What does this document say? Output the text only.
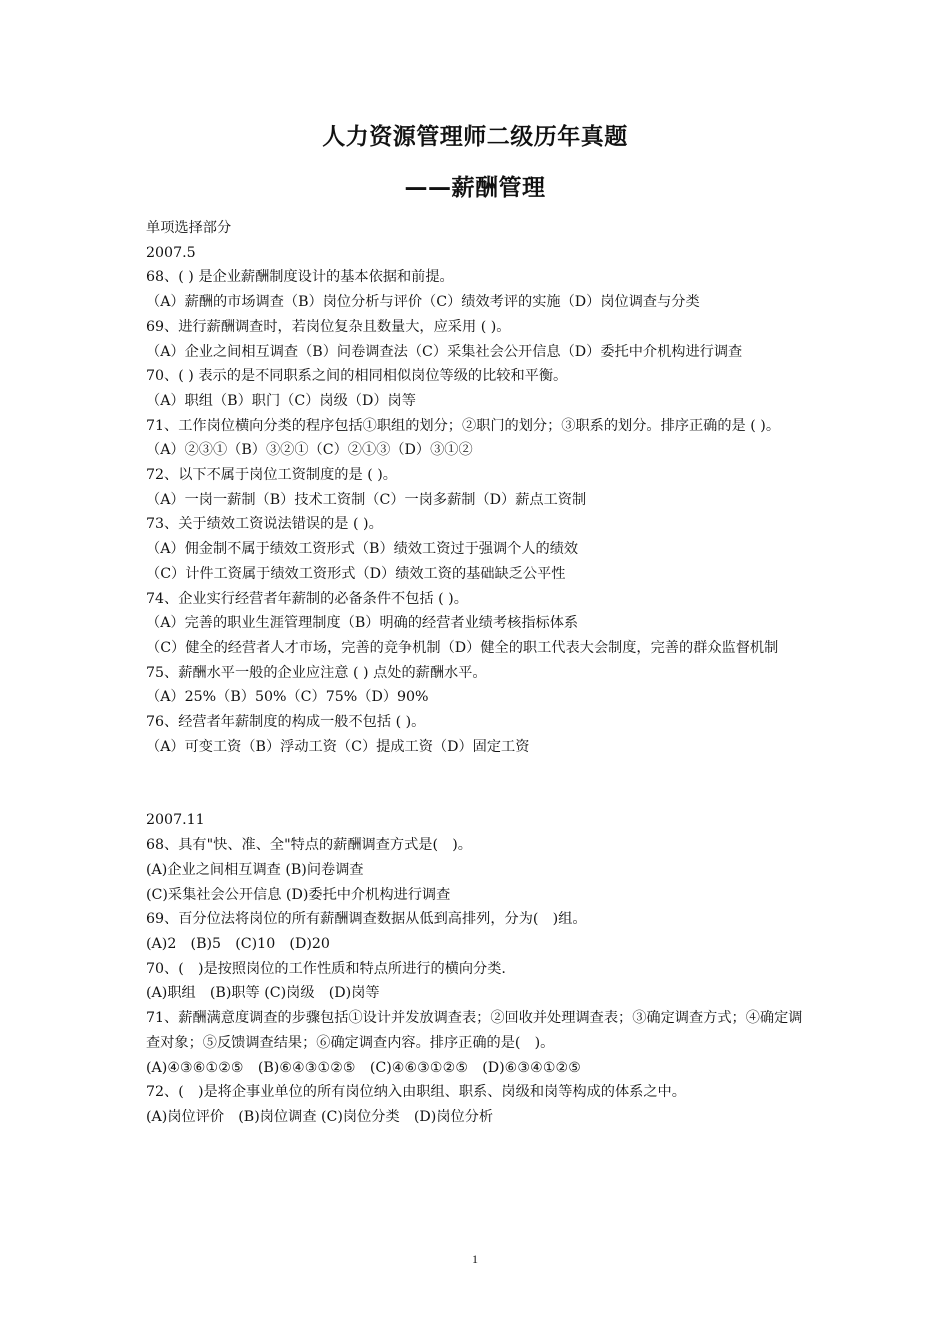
人力资源管理师二级历年真题
——薪酬管理
单项选择部分
2007.5
68、( ) 是企业薪酬制度设计的基本依据和前提。
（A）薪酬的市场调查（B）岗位分析与评价（C）绩效考评的实施（D）岗位调查与分类
69、进行薪酬调查时，若岗位复杂且数量大，应采用 ( )。
（A）企业之间相互调查（B）问卷调查法（C）采集社会公开信息（D）委托中介机构进行调查
70、( ) 表示的是不同职系之间的相同相似岗位等级的比较和平衡。
（A）职组（B）职门（C）岗级（D）岗等
71、工作岗位横向分类的程序包括①职组的划分；②职门的划分；③职系的划分。排序正确的是 ( )。
（A）②③①（B）③②①（C）②①③（D）③①②
72、以下不属于岗位工资制度的是 ( )。
（A）一岗一薪制（B）技术工资制（C）一岗多薪制（D）薪点工资制
73、关于绩效工资说法错误的是 ( )。
（A）佣金制不属于绩效工资形式（B）绩效工资过于强调个人的绩效
（C）计件工资属于绩效工资形式（D）绩效工资的基础缺乏公平性
74、企业实行经营者年薪制的必备条件不包括 ( )。
（A）完善的职业生涯管理制度（B）明确的经营者业绩考核指标体系
（C）健全的经营者人才市场，完善的竞争机制（D）健全的职工代表大会制度，完善的群众监督机制
75、薪酬水平一般的企业应注意 ( ) 点处的薪酬水平。
（A）25%（B）50%（C）75%（D）90%
76、经营者年薪制度的构成一般不包括 ( )。
（A）可变工资（B）浮动工资（C）提成工资（D）固定工资
2007.11
68、具有"快、准、全"特点的薪酬调查方式是(　)。
(A)企业之间相互调查 (B)问卷调查
(C)采集社会公开信息 (D)委托中介机构进行调查
69、百分位法将岗位的所有薪酬调查数据从低到高排列，分为(　)组。
(A)2　(B)5　(C)10　(D)20
70、(　)是按照岗位的工作性质和特点所进行的横向分类.
(A)职组　(B)职等 (C)岗级　(D)岗等
71、薪酬满意度调查的步骤包括①设计并发放调查表；②回收并处理调查表；③确定调查方式；④确定调查对象；⑤反馈调查结果；⑥确定调查内容。排序正确的是(　)。
(A)④③⑥①②⑤　(B)⑥④③①②⑤　(C)④⑥③①②⑤　(D)⑥③④①②⑤
72、(　)是将企事业单位的所有岗位纳入由职组、职系、岗级和岗等构成的体系之中。
(A)岗位评价　(B)岗位调查 (C)岗位分类　(D)岗位分析
1
